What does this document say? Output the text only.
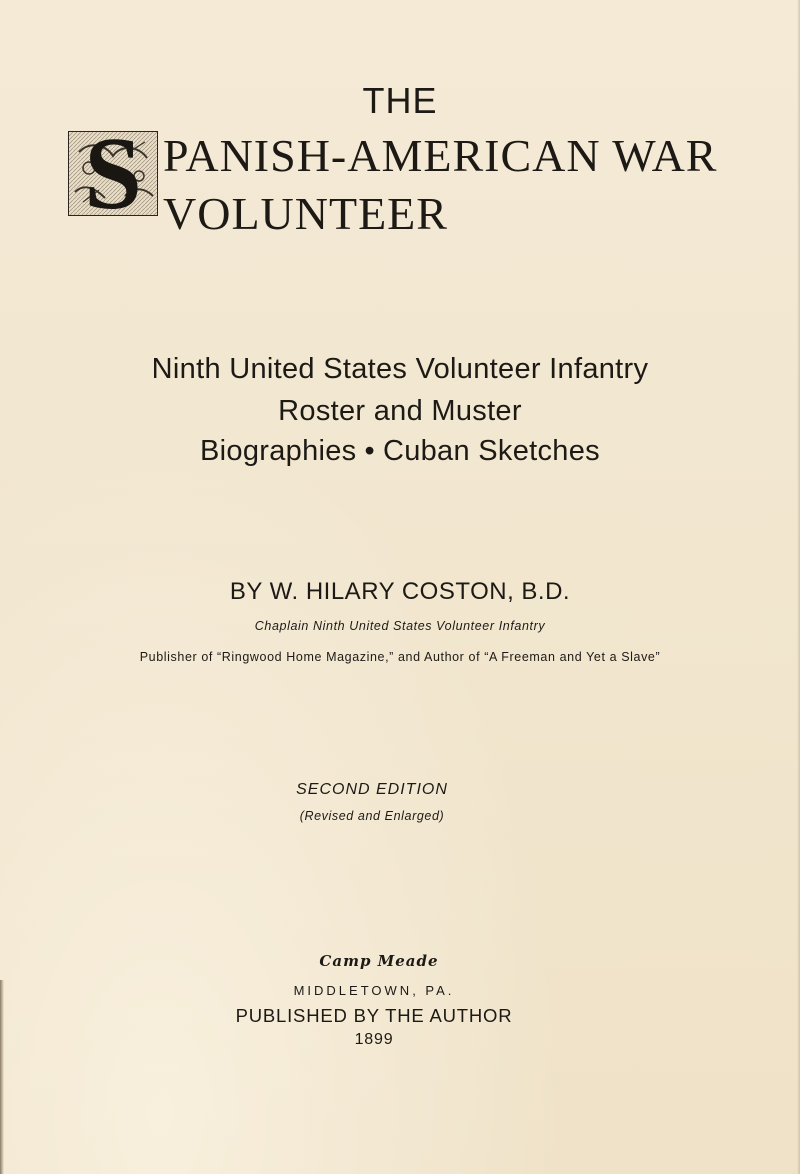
THE
S PANISH-AMERICAN WAR
VOLUNTEER
Ninth United States Volunteer Infantry
Roster and Muster
Biographies • Cuban Sketches
BY W. HILARY COSTON, B.D.
Chaplain Ninth United States Volunteer Infantry
Publisher of “Ringwood Home Magazine,” and Author of “A Freeman and Yet a Slave”
SECOND EDITION
(Revised and Enlarged)
Camp Meade
MIDDLETOWN, PA.
PUBLISHED BY THE AUTHOR
1899
